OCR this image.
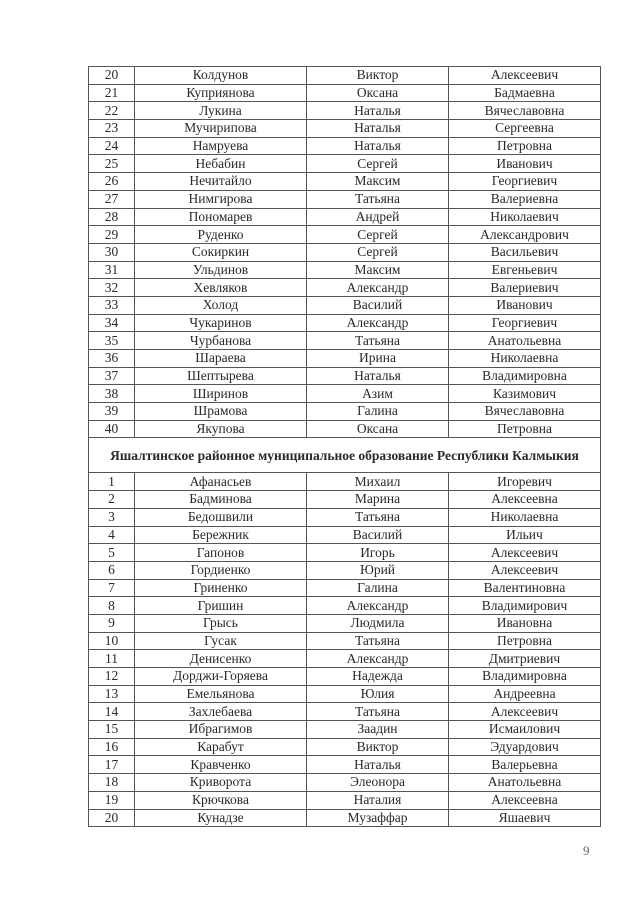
20	Колдунов	Виктор	Алексеевич
21	Куприянова	Оксана	Бадмаевна
22	Лукина	Наталья	Вячеславовна
23	Мучирипова	Наталья	Сергеевна
24	Намруева	Наталья	Петровна
25	Небабин	Сергей	Иванович
26	Нечитайло	Максим	Георгиевич
27	Нимгирова	Татьяна	Валериевна
28	Пономарев	Андрей	Николаевич
29	Руденко	Сергей	Александрович
30	Сокиркин	Сергей	Васильевич
31	Ульдинов	Максим	Евгеньевич
32	Хевляков	Александр	Валериевич
33	Холод	Василий	Иванович
34	Чукаринов	Александр	Георгиевич
35	Чурбанова	Татьяна	Анатольевна
36	Шараева	Ирина	Николаевна
37	Шептырева	Наталья	Владимировна
38	Ширинов	Азим	Казимович
39	Шрамова	Галина	Вячеславовна
40	Якупова	Оксана	Петровна
Яшалтинское районное муниципальное образование Республики Калмыкия			
1	Афанасьев	Михаил	Игоревич
2	Бадминова	Марина	Алексеевна
3	Бедошвили	Татьяна	Николаевна
4	Бережник	Василий	Ильич
5	Гапонов	Игорь	Алексеевич
6	Гордиенко	Юрий	Алексеевич
7	Гриненко	Галина	Валентиновна
8	Гришин	Александр	Владимирович
9	Грысь	Людмила	Ивановна
10	Гусак	Татьяна	Петровна
11	Денисенко	Александр	Дмитриевич
12	Дорджи-Горяева	Надежда	Владимировна
13	Емельянова	Юлия	Андреевна
14	Захлебаева	Татьяна	Алексеевич
15	Ибрагимов	Заадин	Исмаилович
16	Карабут	Виктор	Эдуардович
17	Кравченко	Наталья	Валерьевна
18	Криворота	Элеонора	Анатольевна
19	Крючкова	Наталия	Алексеевна
20	Кунадзе	Музаффар	Яшаевич
9
